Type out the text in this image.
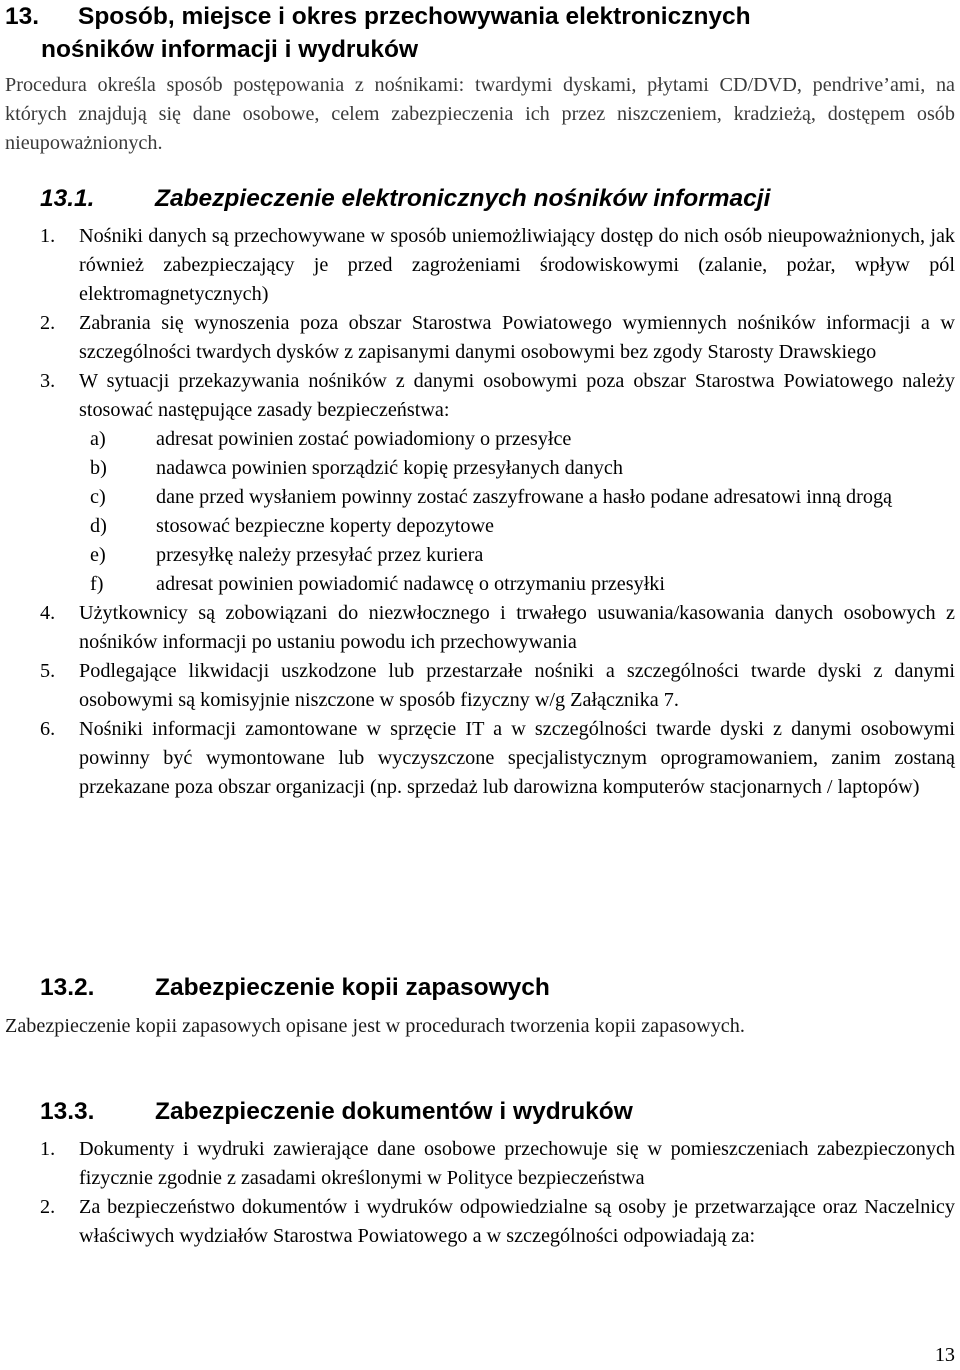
13. Sposób, miejsce i okres przechowywania elektronicznych
nośników informacji i wydruków
Procedura określa sposób postępowania z nośnikami: twardymi dyskami, płytami CD/DVD, pendrive’ami, na których znajdują się dane osobowe, celem zabezpieczenia ich przez niszczeniem, kradzieżą, dostępem osób nieupoważnionych.
13.1. Zabezpieczenie elektronicznych nośników informacji
1. Nośniki danych są przechowywane w sposób uniemożliwiający dostęp do nich osób nieupoważnionych, jak również zabezpieczający je przed zagrożeniami środowiskowymi (zalanie, pożar, wpływ pól elektromagnetycznych)
2. Zabrania się wynoszenia poza obszar Starostwa Powiatowego wymiennych nośników informacji a w szczególności twardych dysków z zapisanymi danymi osobowymi bez zgody Starosty Drawskiego
3. W sytuacji przekazywania nośników z danymi osobowymi poza obszar Starostwa Powiatowego należy stosować następujące zasady bezpieczeństwa:
a) adresat powinien zostać powiadomiony o przesyłce
b) nadawca powinien sporządzić kopię przesyłanych danych
c) dane przed wysłaniem powinny zostać zaszyfrowane a hasło podane adresatowi inną drogą
d) stosować bezpieczne koperty depozytowe
e) przesyłkę należy przesyłać przez kuriera
f)	adresat powinien powiadomić nadawcę o otrzymaniu przesyłki
4. Użytkownicy są zobowiązani do niezwłocznego i trwałego usuwania/kasowania danych osobowych z nośników informacji po ustaniu powodu ich przechowywania
5. Podlegające likwidacji uszkodzone lub przestarzałe nośniki a szczególności twarde dyski z danymi osobowymi są komisyjnie niszczone w sposób fizyczny w/g Załącznika 7.
6. Nośniki informacji zamontowane w sprzęcie IT a w szczególności twarde dyski z danymi osobowymi powinny być wymontowane lub wyczyszczone specjalistycznym oprogramowaniem, zanim zostaną przekazane poza obszar organizacji (np. sprzedaż lub darowizna komputerów stacjonarnych / laptopów)
13.2. Zabezpieczenie kopii zapasowych
Zabezpieczenie kopii zapasowych opisane jest w procedurach tworzenia kopii zapasowych.
13.3. Zabezpieczenie dokumentów i wydruków
1. Dokumenty i wydruki zawierające dane osobowe przechowuje się w pomieszczeniach zabezpieczonych fizycznie zgodnie z zasadami określonymi w Polityce bezpieczeństwa
2. Za bezpieczeństwo dokumentów i wydruków odpowiedzialne są osoby je przetwarzające oraz Naczelnicy właściwych wydziałów Starostwa Powiatowego a w szczególności odpowiadają za:
13
